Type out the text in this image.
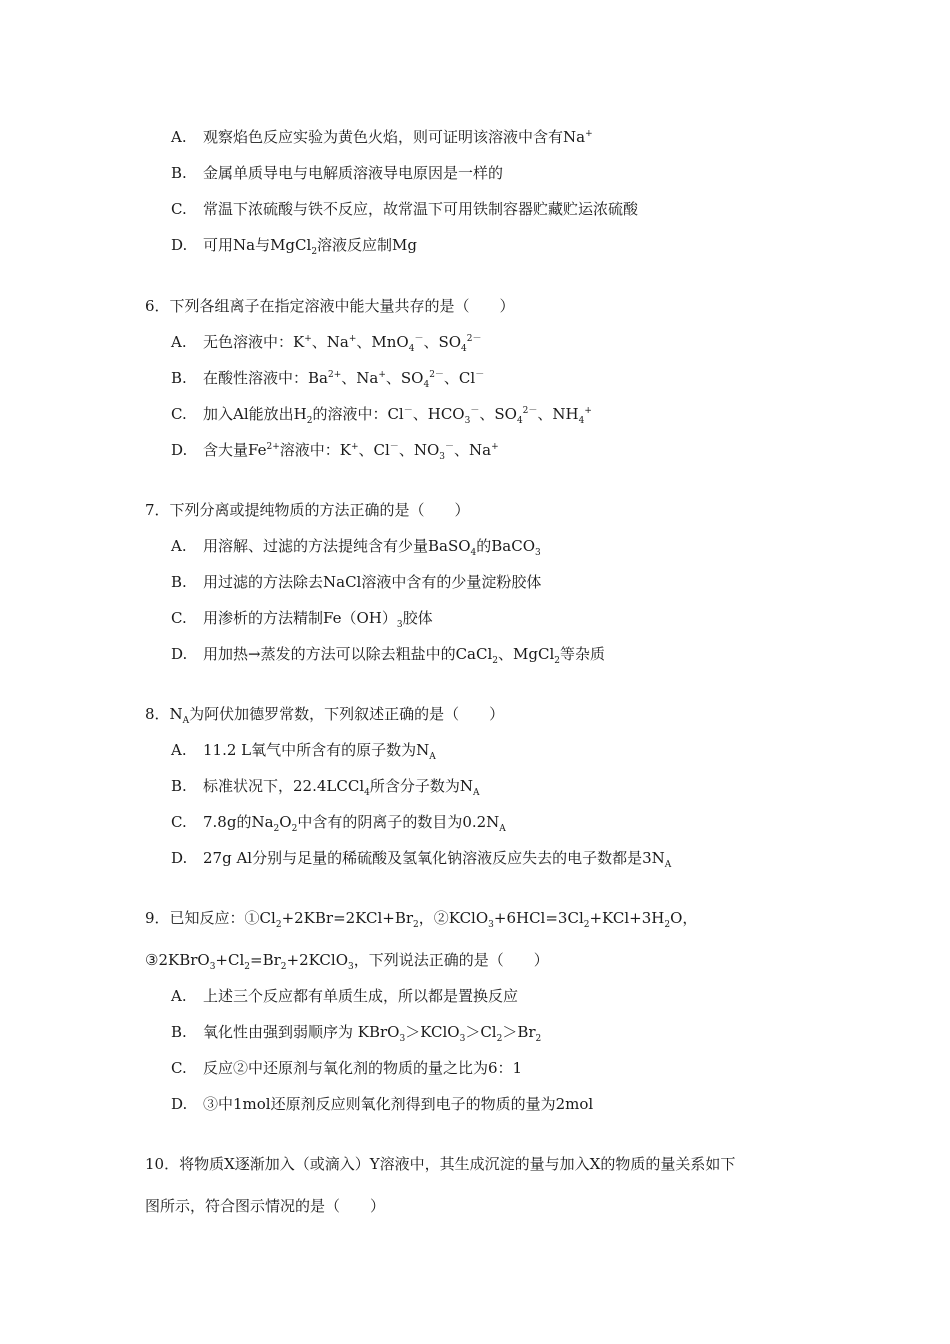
A. 观察焰色反应实验为黄色火焰，则可证明该溶液中含有Na+
B. 金属单质导电与电解质溶液导电原因是一样的
C. 常温下浓硫酸与铁不反应，故常温下可用铁制容器贮藏贮运浓硫酸
D. 可用Na与MgCl$_2$溶液反应制Mg
6．下列各组离子在指定溶液中能大量共存的是（　　）
A. 无色溶液中：K+、Na+、MnO$_4$－、$SO_4^{2-}$
B. 在酸性溶液中：$Ba^{2+}$、Na+、$SO_4^{2-}$、Cl－
C. 加入Al能放出$H_2$的溶液中：Cl－、$HCO_3^-$、$SO_4^{2-}$、$NH_4^+$
D. 含大量$Fe^{2+}$溶液中：K+、Cl－、$NO_3^-$、Na+
7．下列分离或提纯物质的方法正确的是（　　）
A. 用溶解、过滤的方法提纯含有少量BaSO$_4$的BaCO$_3$
B. 用过滤的方法除去NaCl溶液中含有的少量淀粉胶体
C. 用渗析的方法精制$Fe(OH)_3$胶体
D. 用加热→蒸发的方法可以除去粗盐中的CaCl$_2$、MgCl$_2$等杂质
8．$N_A$为阿伏加德罗常数，下列叙述正确的是（　　）
A. 11.2 L氧气中所含有的原子数为$N_A$
B. 标准状况下，22.4LCCl$_4$所含分子数为$N_A$
C. 7.8g的$Na_2O_2$中含有的阴离子的数目为$0.2N_A$
D. 27g Al分别与足量的稀硫酸及氢氧化钠溶液反应失去的电子数都是$3N_A$
9．已知反应：$①Cl_2+2KBr=2KCl+Br_2$，$②KClO_3+6HCl=3Cl_2+KCl+3H_2O$，
$③2KBrO_3+Cl_2=Br_2+2KClO_3$，下列说法正确的是（　　）
A. 上述三个反应都有单质生成，所以都是置换反应
B. 氧化性由强到弱顺序为 $KBrO_3>KClO_3>Cl_2>Br_2$
C. 反应②中还原剂与氧化剂的物质的量之比为6：1
D. ③中1mol还原剂反应则氧化剂得到电子的物质的量为2mol
10．将物质X逐渐加入（或滴入）Y溶液中，其生成沉淀的量与加入X的物质的量关系如下
图所示，符合图示情况的是（　　）
